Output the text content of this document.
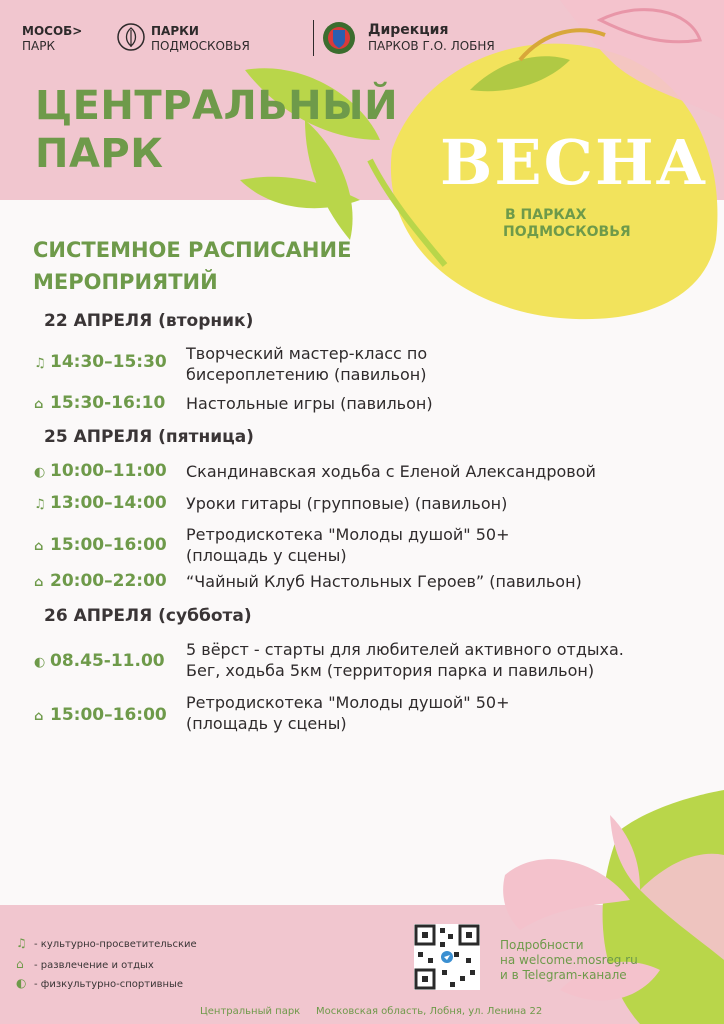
МОСОБ>
ПАРК
ПАРКИ
ПОДМОСКОВЬЯ
Дирекция
ПАРКОВ Г.О. ЛОБНЯ
ЦЕНТРАЛЬНЫЙ
ПАРК	ВЕСНА
В ПАРКАХ
ПОДМОСКОВЬЯ
СИСТЕМНОЕ РАСПИСАНИЕ
МЕРОПРИЯТИЙ
22 АПРЕЛЯ (вторник)
♫ 14:30–15:30 Творческий мастер-класс по
бисероплетению (павильон)
⌂ 15:30-16:10 Настольные игры (павильон)
25 АПРЕЛЯ (пятница)
◐ 10:00–11:00 Скандинавская ходьба с Еленой Александровой
♫ 13:00–14:00 Уроки гитары (групповые) (павильон)
⌂ 15:00–16:00
Ретродискотека "Молоды душой" 50+
(площадь у сцены)
⌂ 20:00–22:00 “Чайный Клуб Настольных Героев” (павильон)
26 АПРЕЛЯ (суббота)
◐ 08.45-11.00
5 вёрст - старты для любителей активного отдыха.
Бег, ходьба 5км (территория парка и павильон)
⌂ 15:00–16:00
Ретродискотека "Молоды душой" 50+
(площадь у сцены)
♫ - культурно-просветительские
⌂ - развлечение и отдых
◐ - физкультурно-спортивные
Подробности
на welcome.mosreg.ru
и в Telegram-канале
Центральный парк Московская область, Лобня, ул. Ленина 22
